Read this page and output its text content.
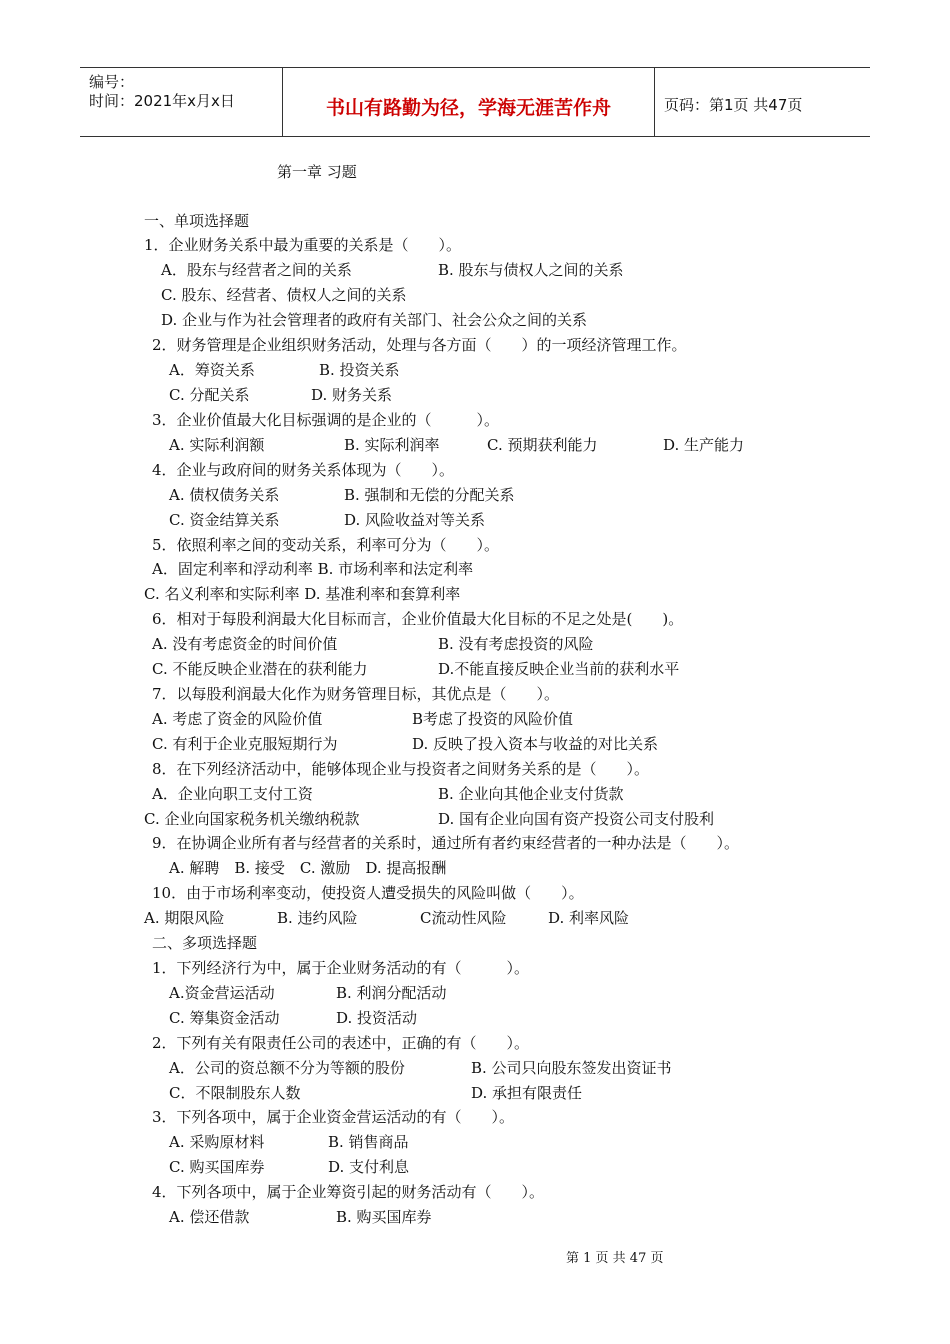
编号：
时间：2021年x月x日	书山有路勤为径，学海无涯苦作舟	页码：第1页 共47页
第一章 习题
一、单项选择题
1．企业财务关系中最为重要的关系是（　　）。
A．股东与经营者之间的关系	B. 股东与债权人之间的关系
C. 股东、经营者、债权人之间的关系
D. 企业与作为社会管理者的政府有关部门、社会公众之间的关系
2．财务管理是企业组织财务活动，处理与各方面（　　）的一项经济管理工作。
A．筹资关系	B. 投资关系
C. 分配关系	D. 财务关系
3．企业价值最大化目标强调的是企业的（　　　）。
A. 实际利润额	B. 实际利润率	C. 预期获利能力	D. 生产能力
4．企业与政府间的财务关系体现为（　　）。
A. 债权债务关系	B. 强制和无偿的分配关系
C. 资金结算关系	D. 风险收益对等关系
5．依照利率之间的变动关系，利率可分为（　　）。
A．固定利率和浮动利率 B. 市场利率和法定利率
C. 名义利率和实际利率 D. 基准利率和套算利率
6．相对于每股利润最大化目标而言，企业价值最大化目标的不足之处是(　　)。
A. 没有考虑资金的时间价值	B. 没有考虑投资的风险
C. 不能反映企业潜在的获利能力	D.不能直接反映企业当前的获利水平
7．以每股利润最大化作为财务管理目标，其优点是（　　）。
A. 考虑了资金的风险价值	B考虑了投资的风险价值
C. 有利于企业克服短期行为	D. 反映了投入资本与收益的对比关系
8．在下列经济活动中，能够体现企业与投资者之间财务关系的是（　　）。
A．企业向职工支付工资	B. 企业向其他企业支付货款
C. 企业向国家税务机关缴纳税款	D. 国有企业向国有资产投资公司支付股利
9．在协调企业所有者与经营者的关系时，通过所有者约束经营者的一种办法是（　　）。
A. 解聘　B. 接受　C. 激励　D. 提高报酬
10．由于市场利率变动，使投资人遭受损失的风险叫做（　　）。
A. 期限风险	B. 违约风险	C流动性风险	D. 利率风险
二、多项选择题
1．下列经济行为中，属于企业财务活动的有（　　　）。
A.资金营运活动	B. 利润分配活动
C. 筹集资金活动	D. 投资活动
2．下列有关有限责任公司的表述中，正确的有（　　）。
A．公司的资总额不分为等额的股份	B. 公司只向股东签发出资证书
C．不限制股东人数	D. 承担有限责任
3．下列各项中，属于企业资金营运活动的有（　　）。
A. 采购原材料	B. 销售商品
C. 购买国库券	D. 支付利息
4．下列各项中，属于企业筹资引起的财务活动有（　　）。
A. 偿还借款	B. 购买国库券
第 1 页 共 47 页
